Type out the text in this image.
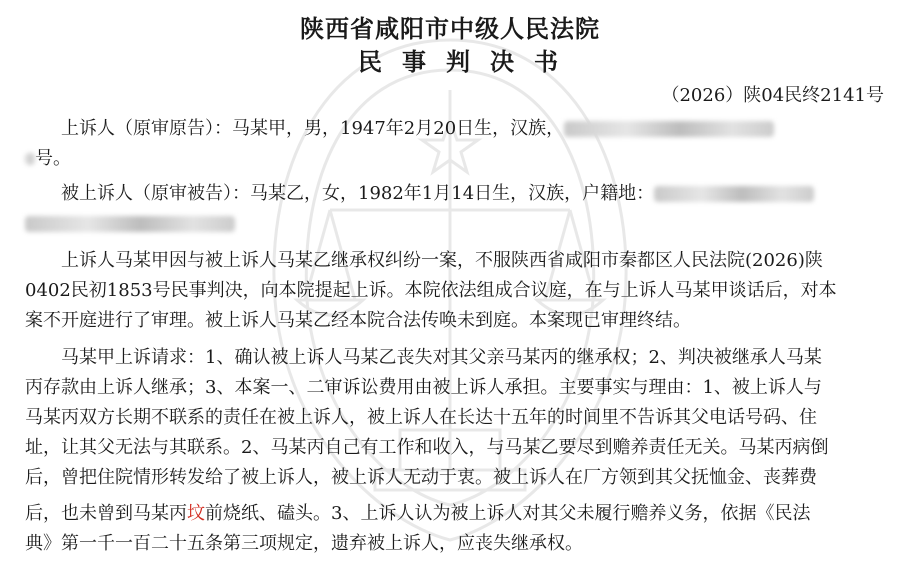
陕西省咸阳市中级人民法院
民事判决书
（2026）陕04民终2141号
上诉人（原审原告）：马某甲，男，1947年2月20日生，汉族，
号。
被上诉人（原审被告）：马某乙，女，1982年1月14日生，汉族，户籍地：
上诉人马某甲因与被上诉人马某乙继承权纠纷一案，不服陕西省咸阳市秦都区人民法院(2026)陕
0402民初1853号民事判决，向本院提起上诉。本院依法组成合议庭，在与上诉人马某甲谈话后，对本
案不开庭进行了审理。被上诉人马某乙经本院合法传唤未到庭。本案现已审理终结。
马某甲上诉请求：1、确认被上诉人马某乙丧失对其父亲马某丙的继承权；2、判决被继承人马某
丙存款由上诉人继承；3、本案一、二审诉讼费用由被上诉人承担。主要事实与理由：1、被上诉人与
马某丙双方长期不联系的责任在被上诉人，被上诉人在长达十五年的时间里不告诉其父电话号码、住
址，让其父无法与其联系。2、马某丙自己有工作和收入，与马某乙要尽到赡养责任无关。马某丙病倒
后，曾把住院情形转发给了被上诉人，被上诉人无动于衷。被上诉人在厂方领到其父抚恤金、丧葬费
后，也未曾到马某丙坟前烧纸、磕头。3、上诉人认为被上诉人对其父未履行赡养义务，依据《民法
典》第一千一百二十五条第三项规定，遗弃被上诉人，应丧失继承权。
